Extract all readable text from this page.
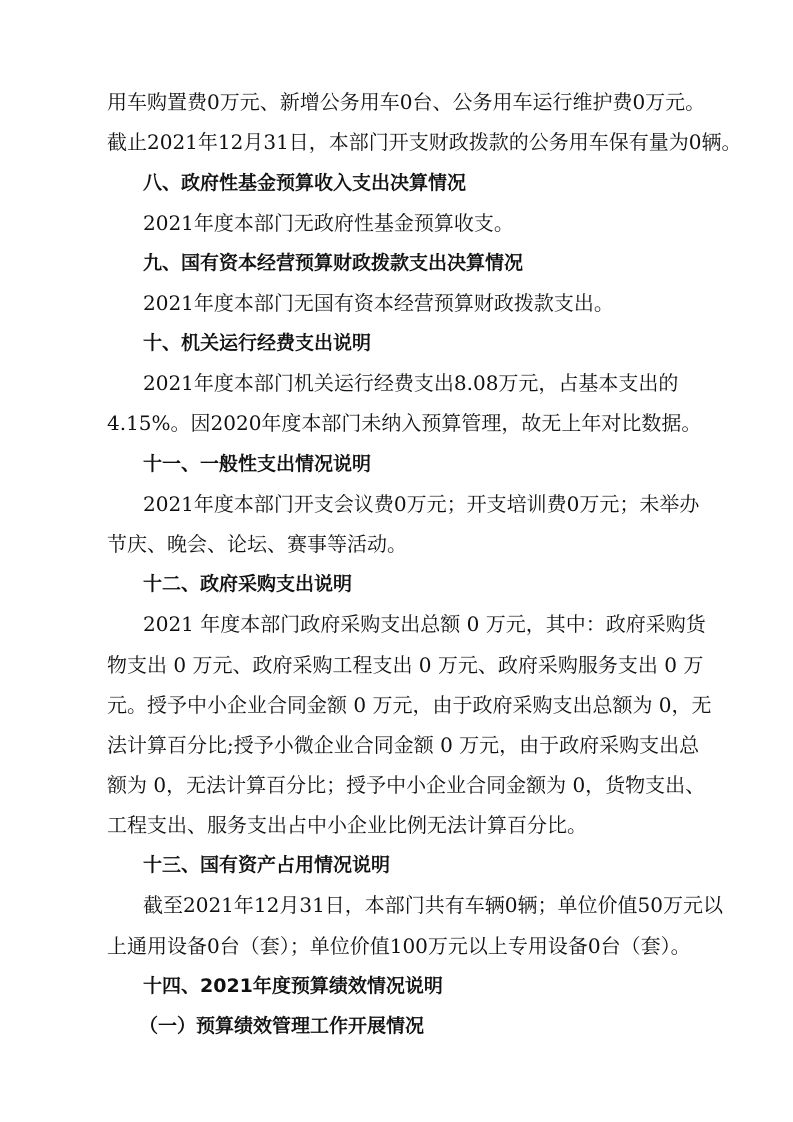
用车购置费0万元、新增公务用车0台、公务用车运行维护费0万元。
截止2021年12月31日，本部门开支财政拨款的公务用车保有量为0辆。
八、政府性基金预算收入支出决算情况
2021年度本部门无政府性基金预算收支。
九、国有资本经营预算财政拨款支出决算情况
2021年度本部门无国有资本经营预算财政拨款支出。
十、机关运行经费支出说明
2021年度本部门机关运行经费支出8.08万元，占基本支出的
4.15%。因2020年度本部门未纳入预算管理，故无上年对比数据。
十一、一般性支出情况说明
2021年度本部门开支会议费0万元；开支培训费0万元；未举办
节庆、晚会、论坛、赛事等活动。
十二、政府采购支出说明
2021 年度本部门政府采购支出总额 0 万元，其中：政府采购货
物支出 0 万元、政府采购工程支出 0 万元、政府采购服务支出 0 万
元。授予中小企业合同金额 0 万元，由于政府采购支出总额为 0，无
法计算百分比;授予小微企业合同金额 0 万元，由于政府采购支出总
额为 0，无法计算百分比；授予中小企业合同金额为 0，货物支出、
工程支出、服务支出占中小企业比例无法计算百分比。
十三、国有资产占用情况说明
截至2021年12月31日，本部门共有车辆0辆；单位价值50万元以
上通用设备0台（套）；单位价值100万元以上专用设备0台（套）。
十四、2021年度预算绩效情况说明
（一）预算绩效管理工作开展情况
